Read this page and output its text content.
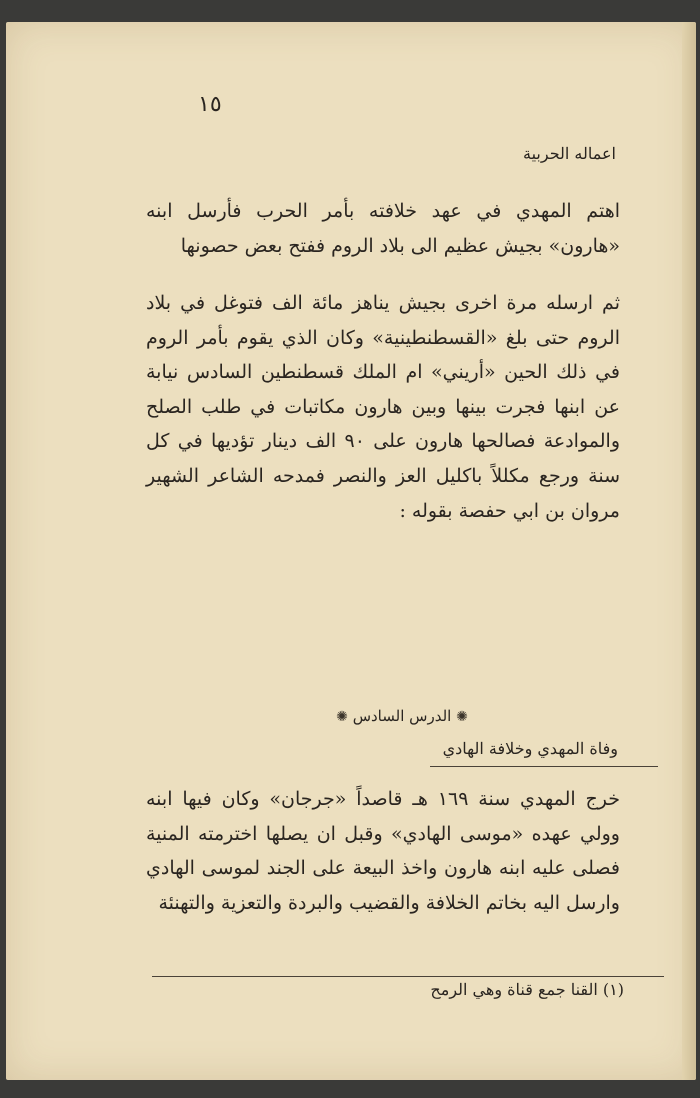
١٥
اعماله الحربية

اهتم المهدي في عهد خلافته بأمر الحرب فأرسل ابنه «هارون» بجيش عظيم الى بلاد الروم ففتح بعض حصونها

ثم ارسله مرة اخرى بجيش يناهز مائة الف فتوغل في بلاد الروم حتى بلغ «القسطنطينية» وكان الذي يقوم بأمر الروم في ذلك الحين «أريني» ام الملك قسطنطين السادس نيابة عن ابنها فجرت بينها وبين هارون مكاتبات في طلب الصلح والموادعة فصالحها هارون على ٩٠ الف دينار تؤديها في كل سنة ورجع مكللاً باكليل العز والنصر فمدحه الشاعر الشهير مروان بن ابي حفصة بقوله :

✺ الدرس السادس ✺
وفاة المهدي وخلافة الهادي

خرج المهدي سنة ١٦٩ هـ قاصداً «جرجان» وكان فيها ابنه وولي عهده «موسى الهادي» وقبل ان يصلها اخترمته المنية فصلى عليه ابنه هارون واخذ البيعة على الجند لموسى الهادي وارسل اليه بخاتم الخلافة والقضيب والبردة والتعزية والتهنئة

(١) القنا جمع قناة وهي الرمح
